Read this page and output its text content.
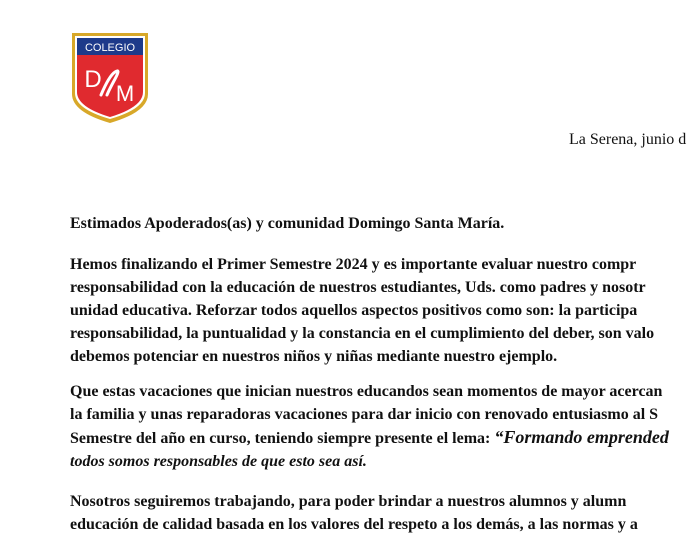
COLEGIO
D
M
La Serena, junio d
Estimados Apoderados(as) y comunidad Domingo Santa María.
Hemos finalizando el Primer Semestre 2024 y es importante evaluar nuestro compr
responsabilidad con la educación de nuestros estudiantes, Uds. como padres y nosotr
unidad educativa. Reforzar todos aquellos aspectos positivos como son: la participa
responsabilidad, la puntualidad y la constancia en el cumplimiento del deber, son valo
debemos potenciar en nuestros niños y niñas mediante nuestro ejemplo.
Que estas vacaciones que inician nuestros educandos sean momentos de mayor acercan
la familia y unas reparadoras vacaciones para dar inicio con renovado entusiasmo al S
Semestre del año en curso, teniendo siempre presente el lema: “Formando emprended
todos somos responsables de que esto sea así.
Nosotros seguiremos trabajando, para poder brindar a nuestros alumnos y alumn
educación de calidad basada en los valores del respeto a los demás, a las normas y a
